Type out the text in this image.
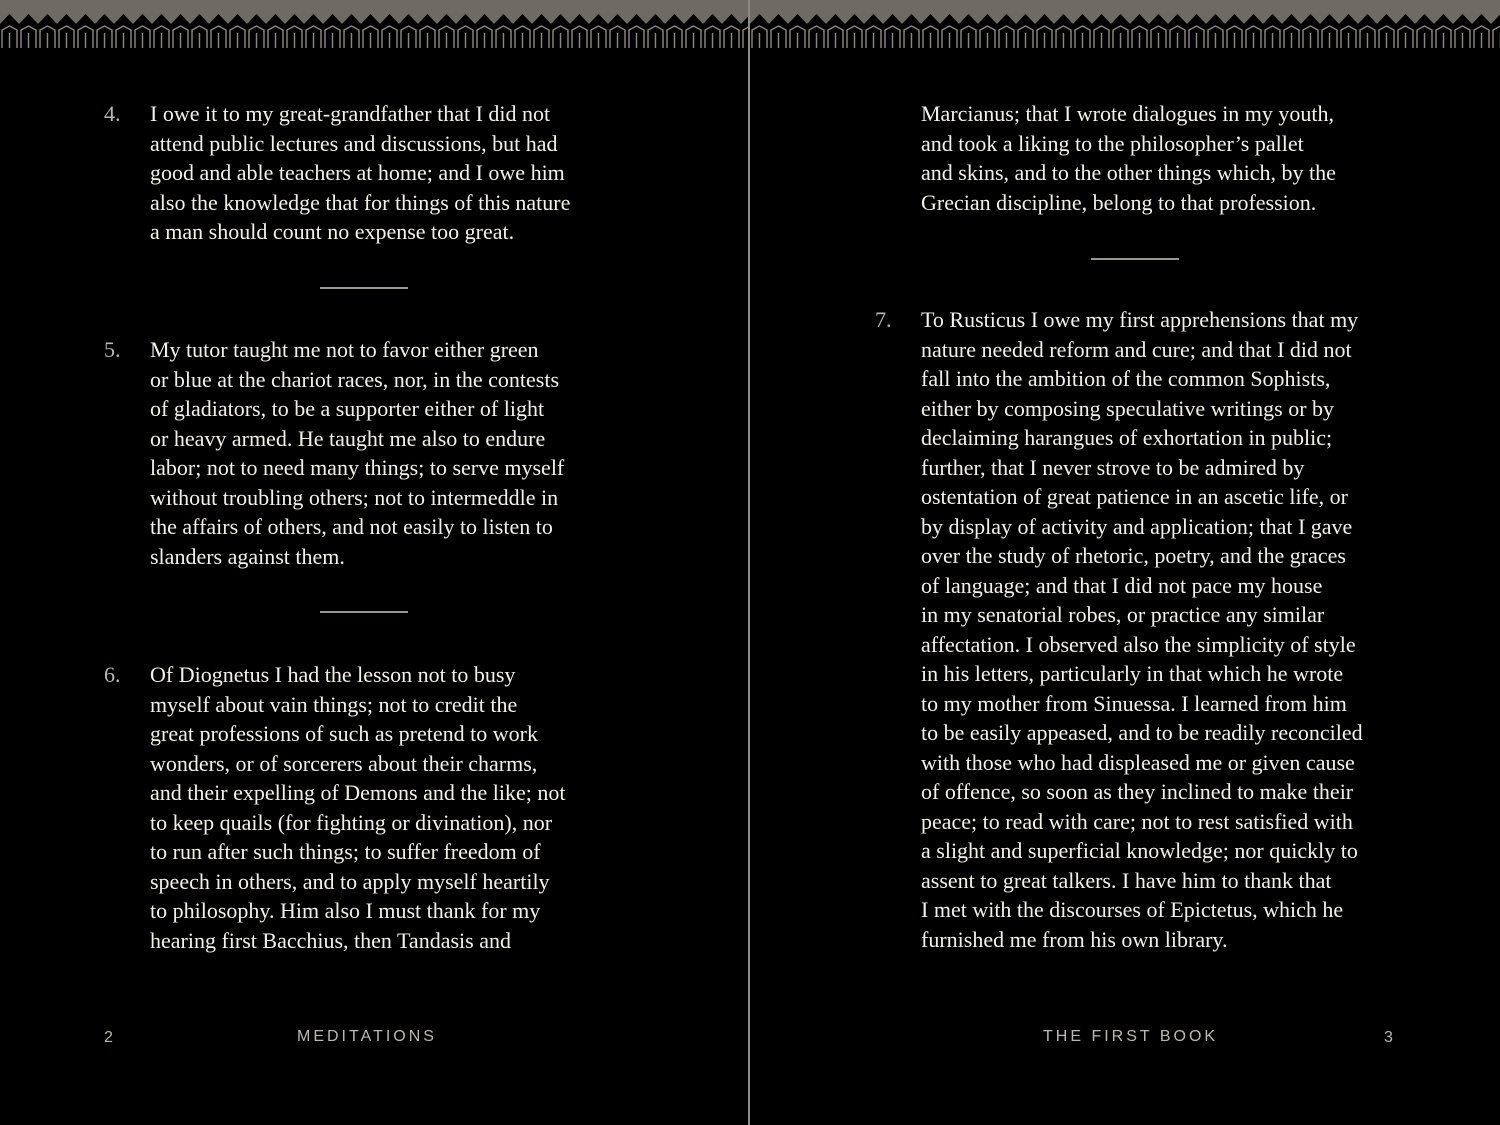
4.	I owe it to my great-grandfather that I did not
attend public lectures and discussions, but had
good and able teachers at home; and I owe him
also the knowledge that for things of this nature
a man should count no expense too great.

5.	My tutor taught me not to favor either green
or blue at the chariot races, nor, in the contests
of gladiators, to be a supporter either of light
or heavy armed. He taught me also to endure
labor; not to need many things; to serve myself
without troubling others; not to intermeddle in
the affairs of others, and not easily to listen to
slanders against them.

6.	Of Diognetus I had the lesson not to busy
myself about vain things; not to credit the
great professions of such as pretend to work
wonders, or of sorcerers about their charms,
and their expelling of Demons and the like; not
to keep quails (for fighting or divination), nor
to run after such things; to suffer freedom of
speech in others, and to apply myself heartily
to philosophy. Him also I must thank for my
hearing first Bacchius, then Tandasis and

2	MEDITATIONS

Marcianus; that I wrote dialogues in my youth,
and took a liking to the philosopher’s pallet
and skins, and to the other things which, by the
Grecian discipline, belong to that profession.

7.	To Rusticus I owe my first apprehensions that my
nature needed reform and cure; and that I did not
fall into the ambition of the common Sophists,
either by composing speculative writings or by
declaiming harangues of exhortation in public;
further, that I never strove to be admired by
ostentation of great patience in an ascetic life, or
by display of activity and application; that I gave
over the study of rhetoric, poetry, and the graces
of language; and that I did not pace my house
in my senatorial robes, or practice any similar
affectation. I observed also the simplicity of style
in his letters, particularly in that which he wrote
to my mother from Sinuessa. I learned from him
to be easily appeased, and to be readily reconciled
with those who had displeased me or given cause
of offence, so soon as they inclined to make their
peace; to read with care; not to rest satisfied with
a slight and superficial knowledge; nor quickly to
assent to great talkers. I have him to thank that
I met with the discourses of Epictetus, which he
furnished me from his own library.

THE FIRST BOOK	3
